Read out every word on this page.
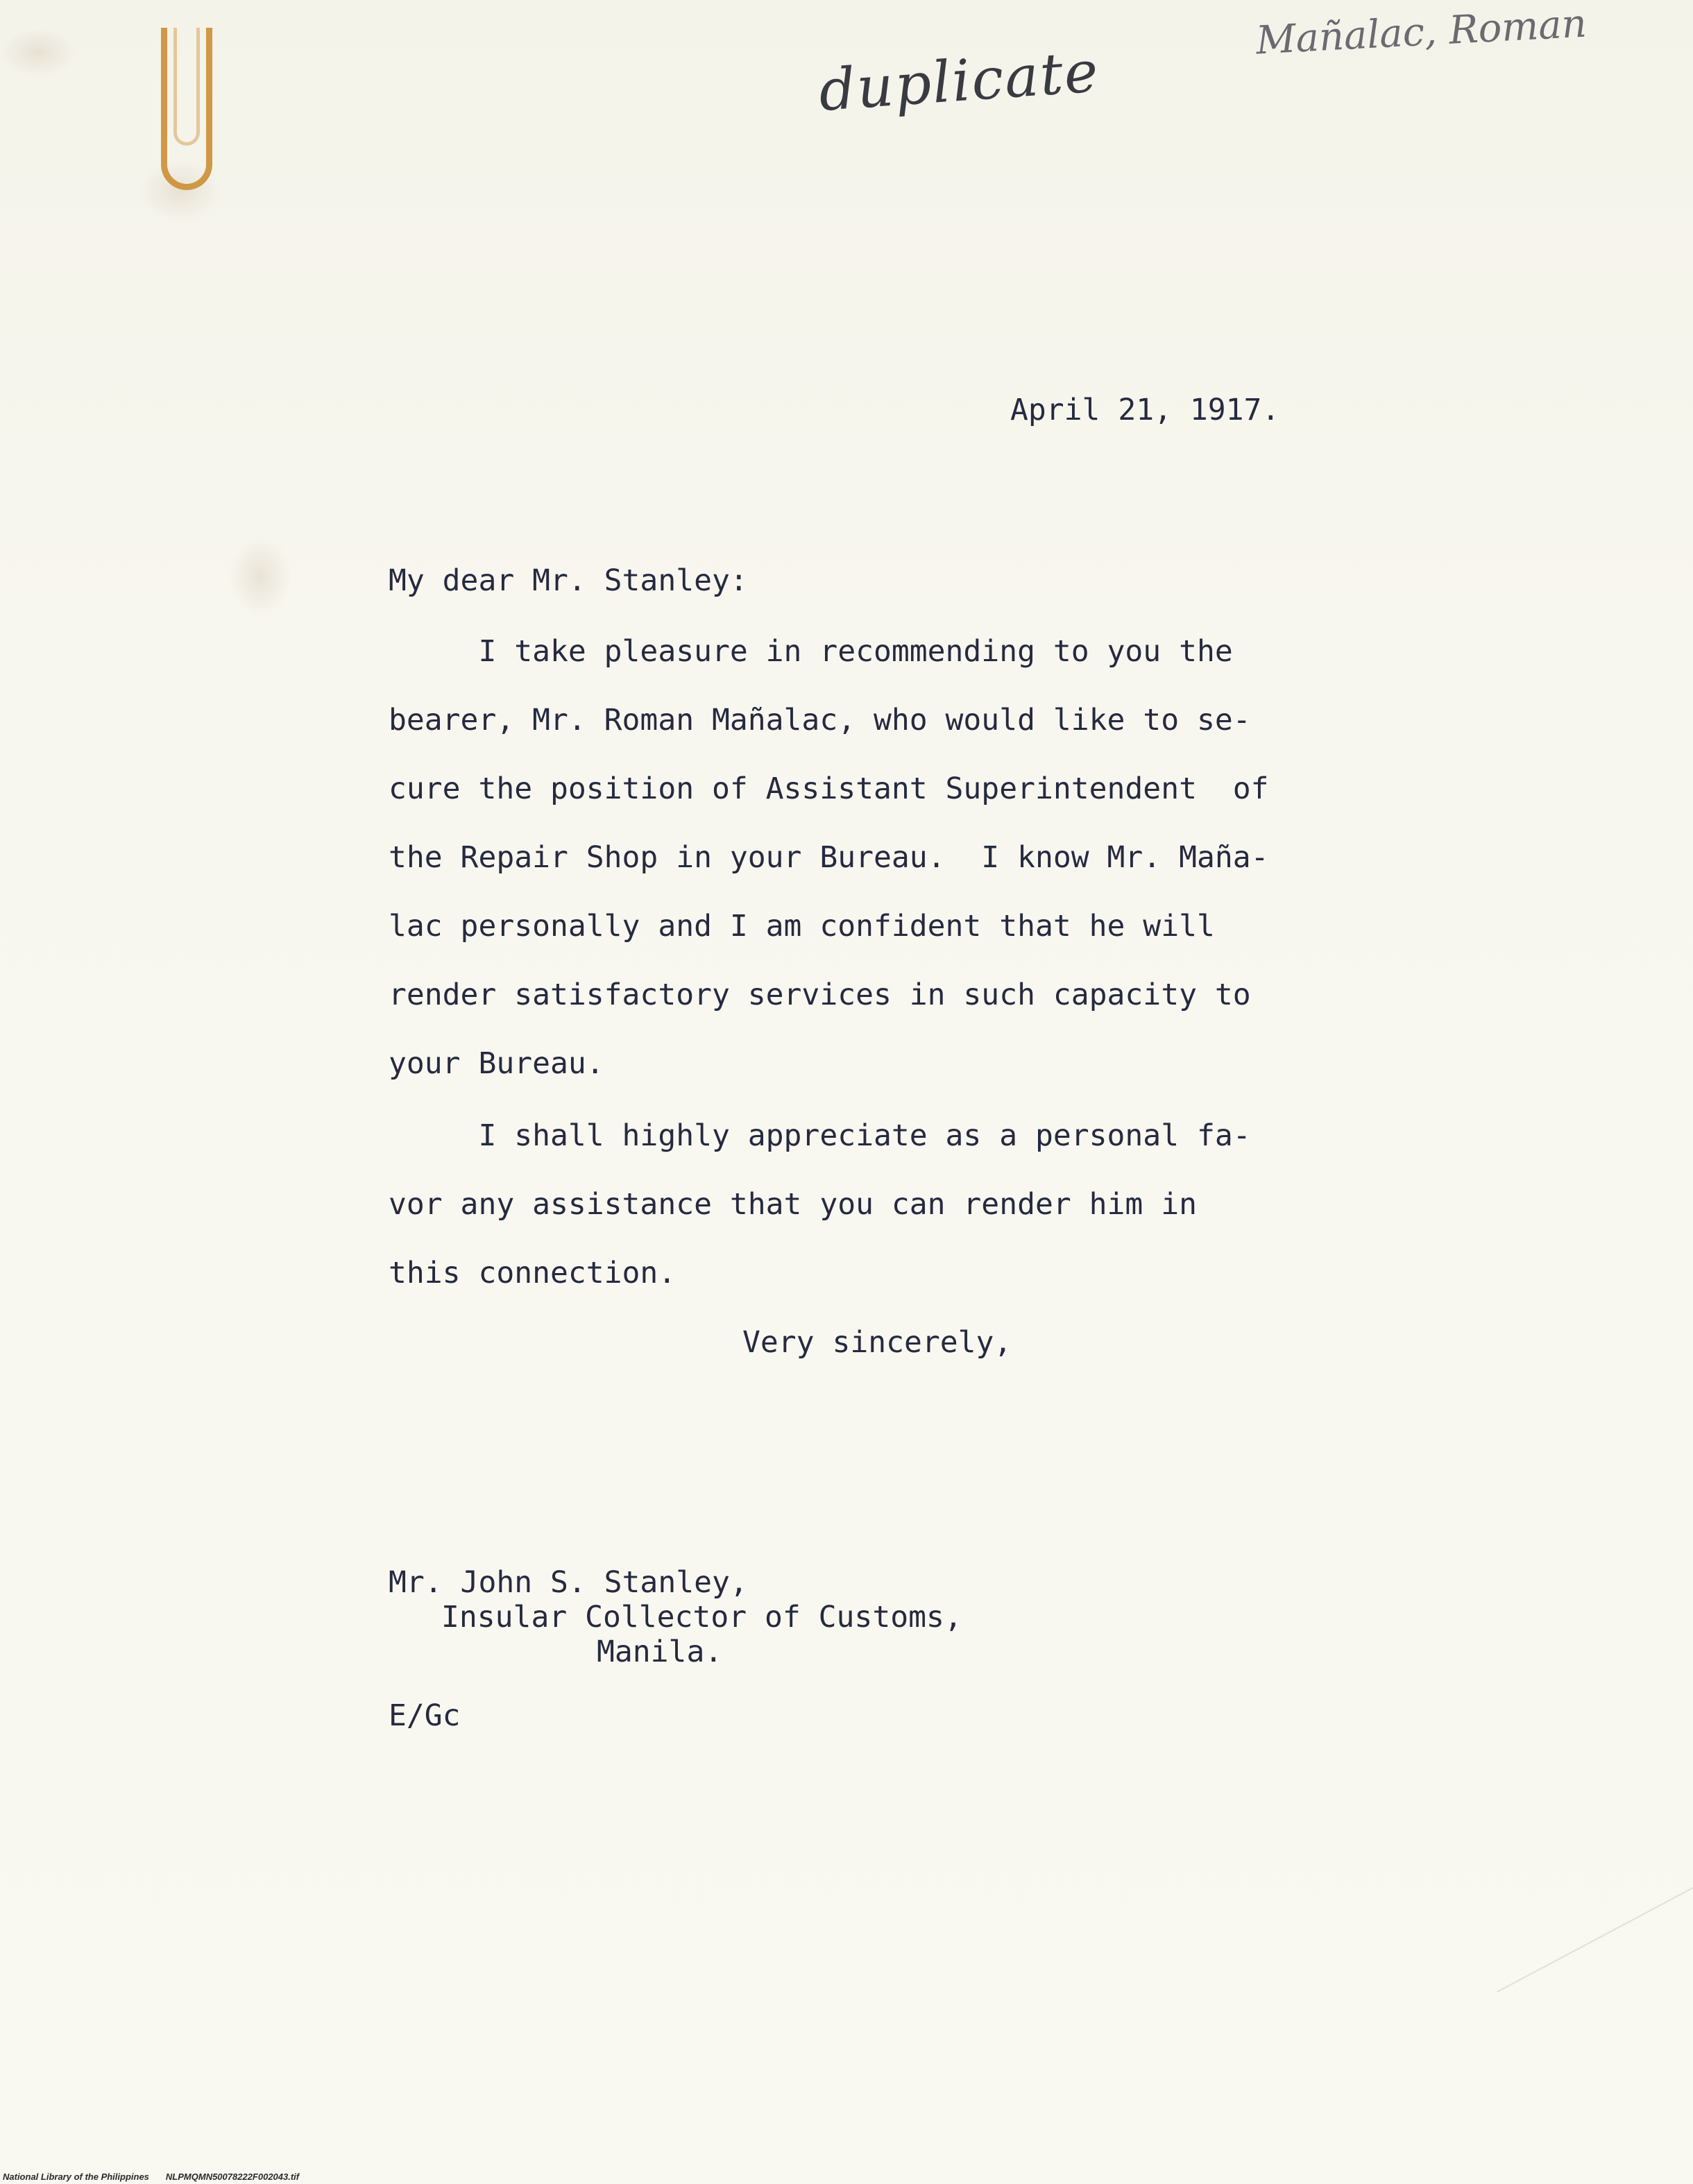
duplicate
Mañalac, Roman
April 21, 1917.
My dear Mr. Stanley:
I take pleasure in recommending to you the
bearer, Mr. Roman Mañalac, who would like to se-
cure the position of Assistant Superintendent  of
the Repair Shop in your Bureau.  I know Mr. Maña-
lac personally and I am confident that he will
render satisfactory services in such capacity to
your Bureau.
I shall highly appreciate as a personal fa-
vor any assistance that you can render him in
this connection.
Very sincerely,
Mr. John S. Stanley,
Insular Collector of Customs,
Manila.
E/Gc
National Library of the Philippines NLPMQMN50078222F002043.tif
